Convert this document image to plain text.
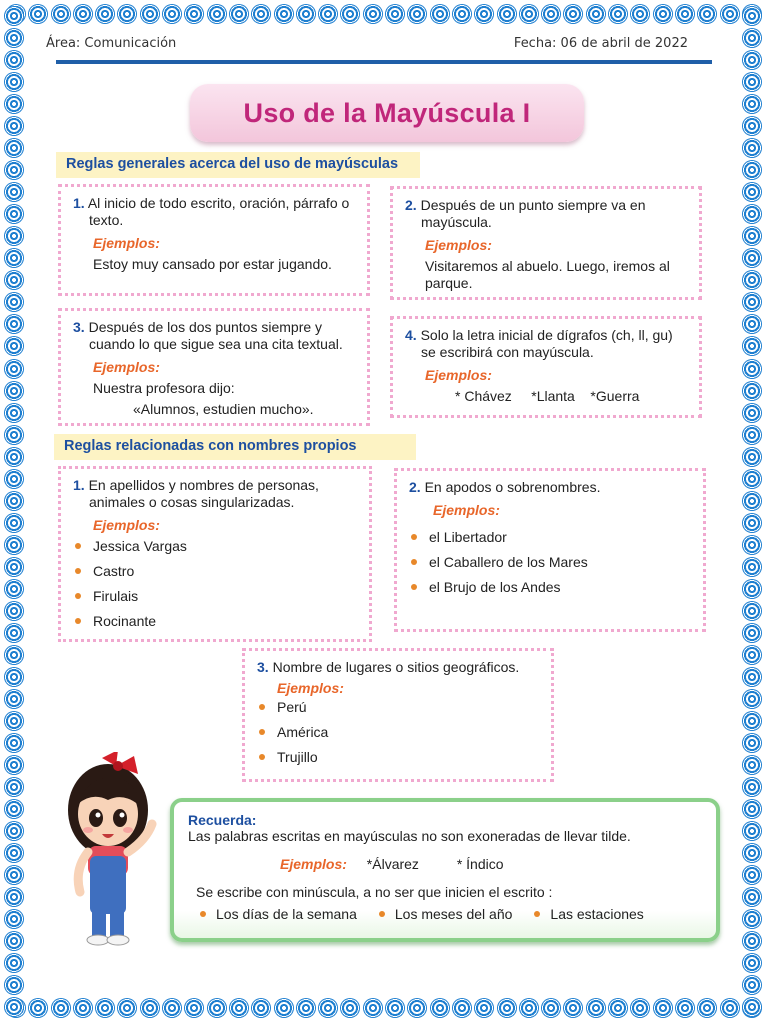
Área: Comunicación	Fecha: 06 de abril de 2022
Uso de la Mayúscula I
Reglas generales acerca del uso de mayúsculas
1. Al inicio de todo escrito, oración, párrafo o texto.
Ejemplos:
Estoy muy cansado por estar jugando.
2. Después de un punto siempre va en mayúscula.
Ejemplos:
Visitaremos al abuelo. Luego, iremos al parque.
3. Después de los dos puntos siempre y cuando lo que sigue sea una cita textual.
Ejemplos:
Nuestra profesora dijo:
«Alumnos, estudien mucho».
4. Solo la letra inicial de dígrafos (ch, ll, gu) se escribirá con mayúscula.
Ejemplos:
* Chávez     *Llanta    *Guerra
Reglas relacionadas con nombres propios
1. En apellidos y nombres de personas, animales o cosas singularizadas.
Ejemplos:
Jessica Vargas
Castro
Firulais
Rocinante
2. En apodos o sobrenombres.
Ejemplos:
el Libertador
el Caballero de los Mares
el Brujo de los Andes
3. Nombre de lugares o sitios geográficos.
Ejemplos:
Perú
América
Trujillo
Recuerda:
Las palabras escritas en mayúsculas no son exoneradas de llevar tilde.
Ejemplos: *Álvarez	* Índico
Se escribe con minúscula, a no ser que inicien el escrito :
Los días de la semana	Los meses del año	Las estaciones
